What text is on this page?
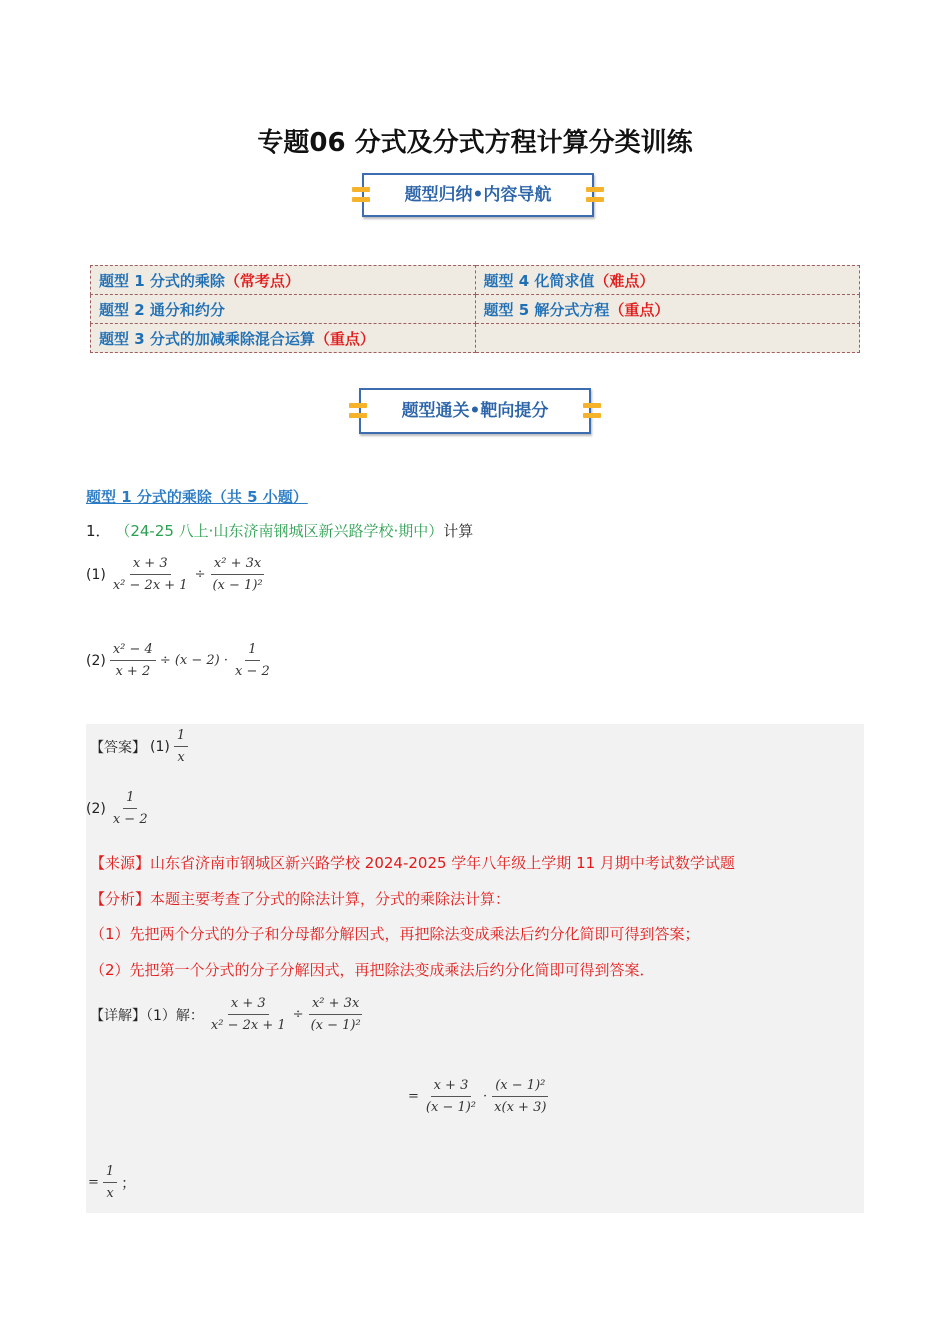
专题06 分式及分式方程计算分类训练
题型归纳•内容导航
题型 1 分式的乘除（常考点）	题型 4 化简求值（难点）
题型 2 通分和约分	题型 5 解分式方程（重点）
题型 3 分式的加减乘除混合运算（重点）	
题型通关•靶向提分
题型 1 分式的乘除（共 5 小题）
1． （24-25 八上·山东济南钢城区新兴路学校·期中）计算
$(1) \frac{x + 3}{\text{x² − 2x + 1}} \div \frac{\text{x² + 3x}}{\text{(x − 1)²}}$
$(2) \frac{\text{x² − 4}}{x + 2} \div (x - 2) \cdot \frac{1}{x - 2}$
【答案】 $(1) \frac{1}{x}$
$(2) \frac{1}{x - 2}$
【来源】山东省济南市钢城区新兴路学校 2024-2025 学年八年级上学期 11 月期中考试数学试题
【分析】本题主要考查了分式的除法计算，分式的乘除法计算：
（1）先把两个分式的分子和分母都分解因式，再把除法变成乘法后约分化简即可得到答案；
（2）先把第一个分式的分子分解因式，再把除法变成乘法后约分化简即可得到答案．
【详解】（1）解： $\frac{x + 3}{\text{x² − 2x + 1}} \div \frac{\text{x² + 3x}}{\text{(x − 1)²}}$
= $\frac{x + 3}{\text{(x − 1)²}} \cdot \frac{\text{(x − 1)²}}{x(x + 3)}$
= $\frac{1}{x}$ ；
